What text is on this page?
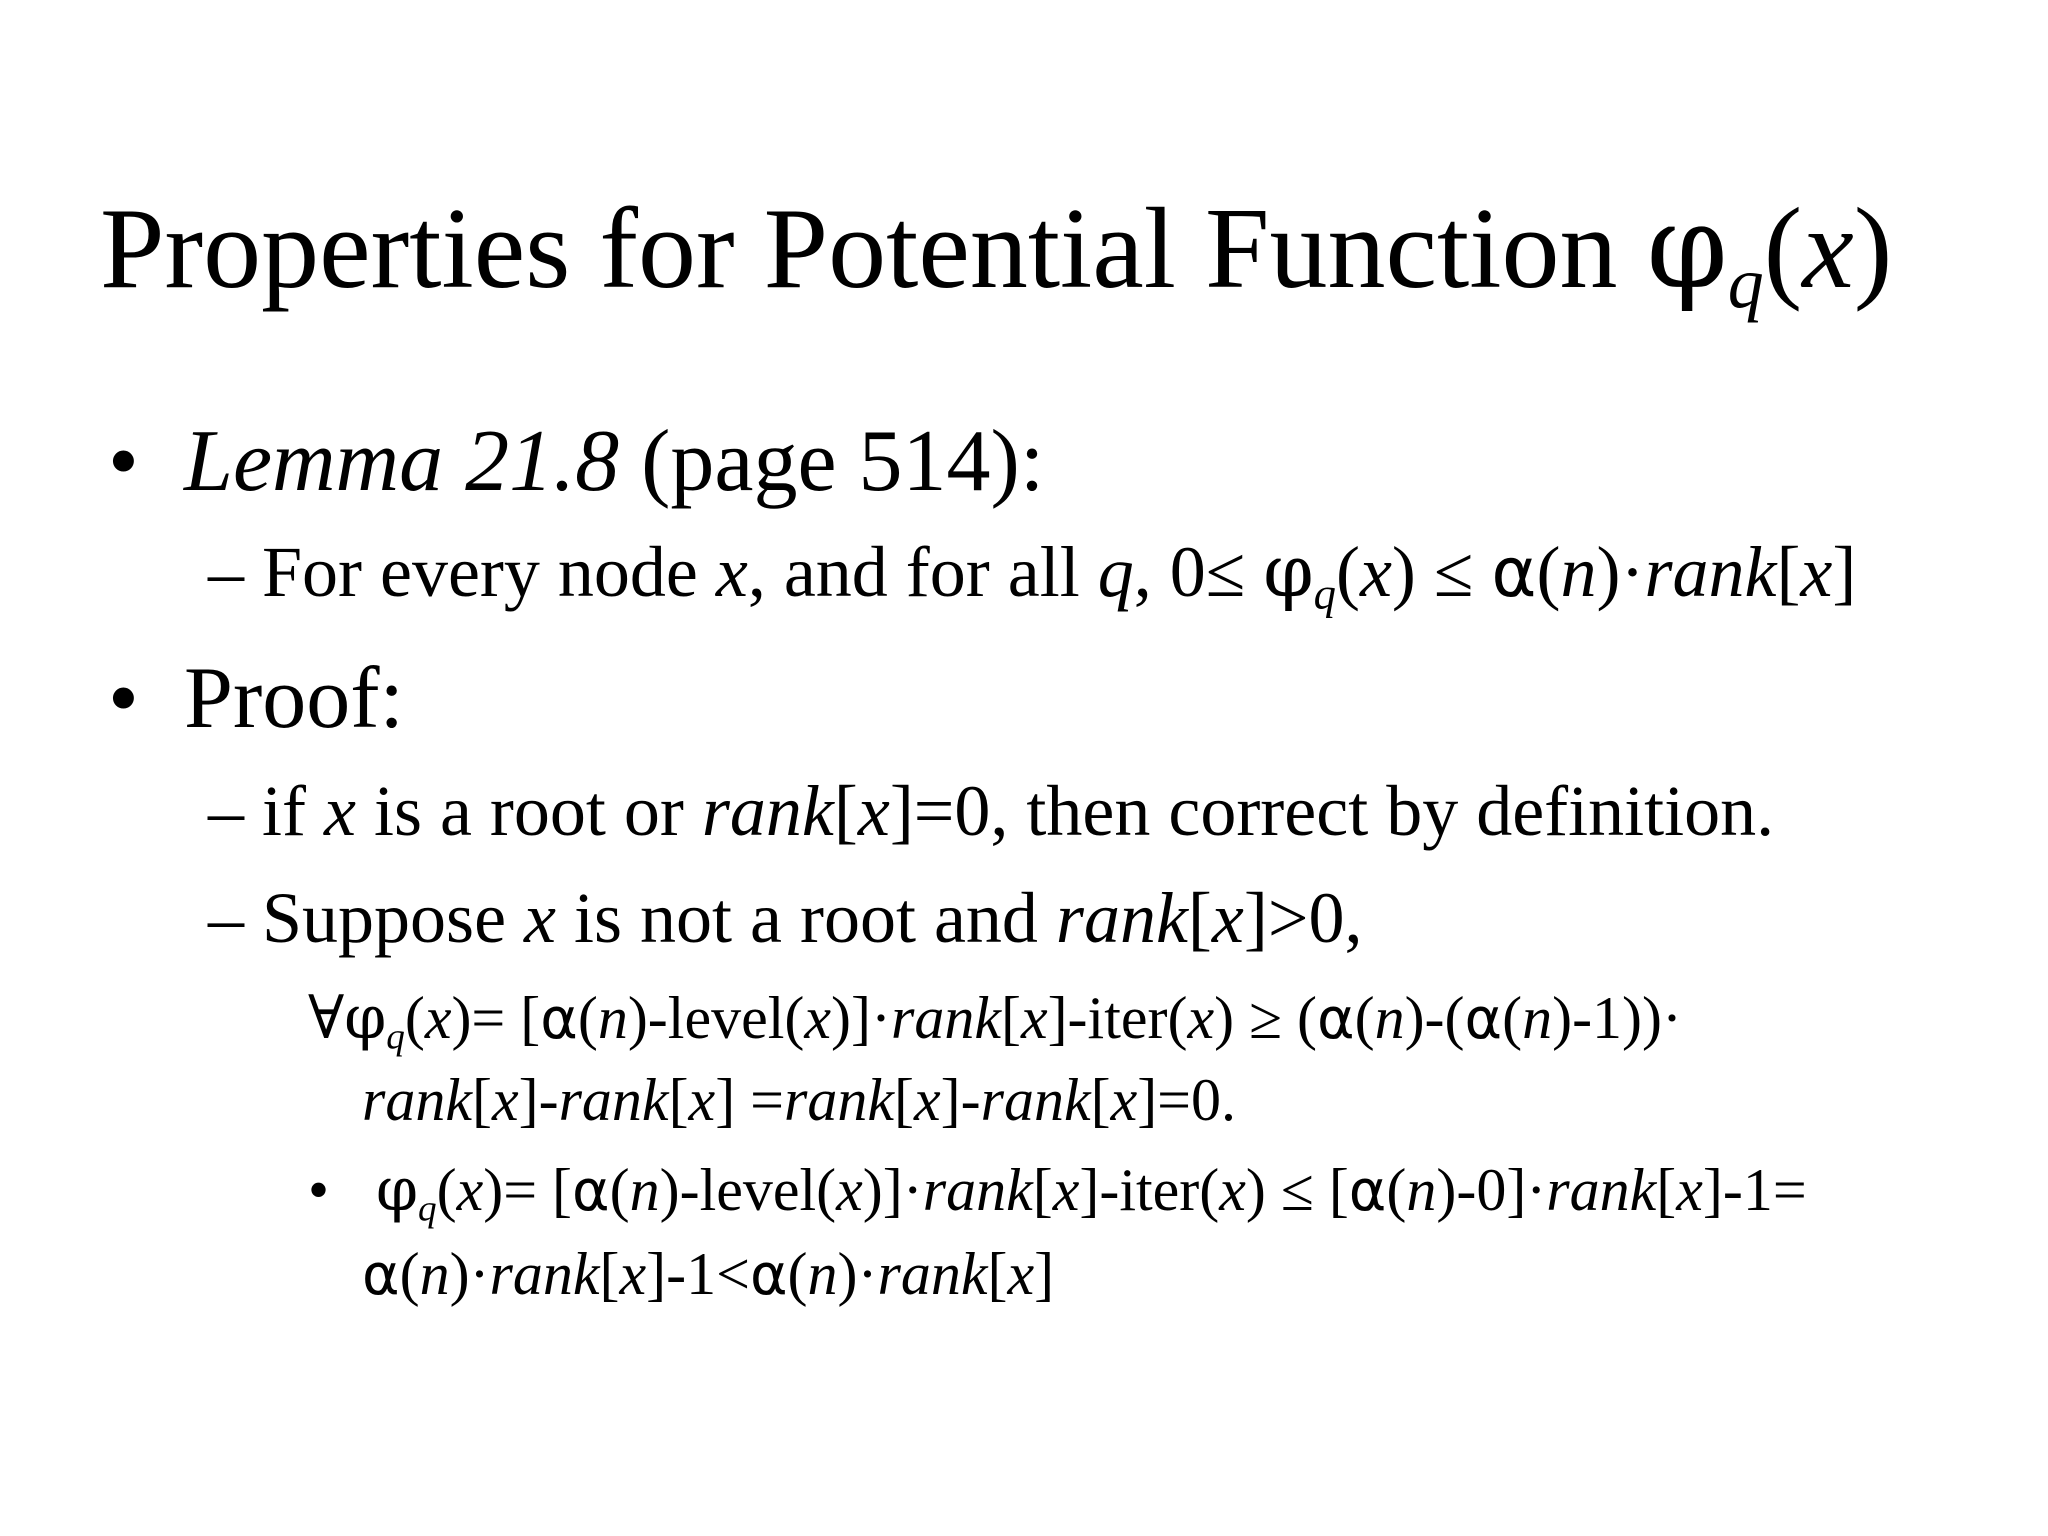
Properties for Potential Function $\varphi_q(x)$
• Lemma 21.8 (page 514):
– For every node x, and for all q, $0\le \varphi_q(x)$ ≤ α(n)·rank[x]
• Proof:
– if x is a root or rank[x]=0, then correct by definition.
– Suppose x is not a root and rank[x]>0,
$\forall\varphi_q(x)=$ [α(n)-level(x)]·rank[x]-iter(x) ≥ (α(n)-(α(n)-1))·
rank[x]-rank[x] =rank[x]-rank[x]=0.
• $\varphi_q(x)=$ [α(n)-level(x)]·rank[x]-iter(x) ≤ [α(n)-0]·rank[x]-1=
α(n)·rank[x]-1<α(n)·rank[x]
